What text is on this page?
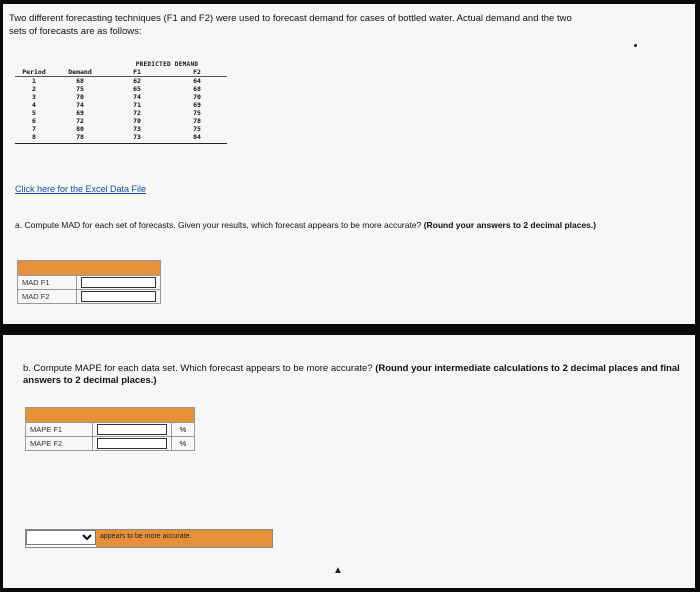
Two different forecasting techniques (F1 and F2) were used to forecast demand for cases of bottled water. Actual demand and the two
sets of forecasts are as follows:
		PREDICTED DEMAND	
Period	Demand	F1	F2
1	68	62	64
2	75	65	68
3	70	74	70
4	74	71	69
5	69	72	75
6	72	70	78
7	80	73	75
8	78	73	84

Click here for the Excel Data File
a. Compute MAD for each set of forecasts. Given your results, which forecast appears to be more accurate? (Round your answers to 2 decimal places.)

MAD F1	
MAD F2	
b. Compute MAPE for each data set. Which forecast appears to be more accurate? (Round your intermediate calculations to 2 decimal places and final answers to 2 decimal places.)

MAPE F1		%
MAPE F2		%
appears to be more accurate.
▲
